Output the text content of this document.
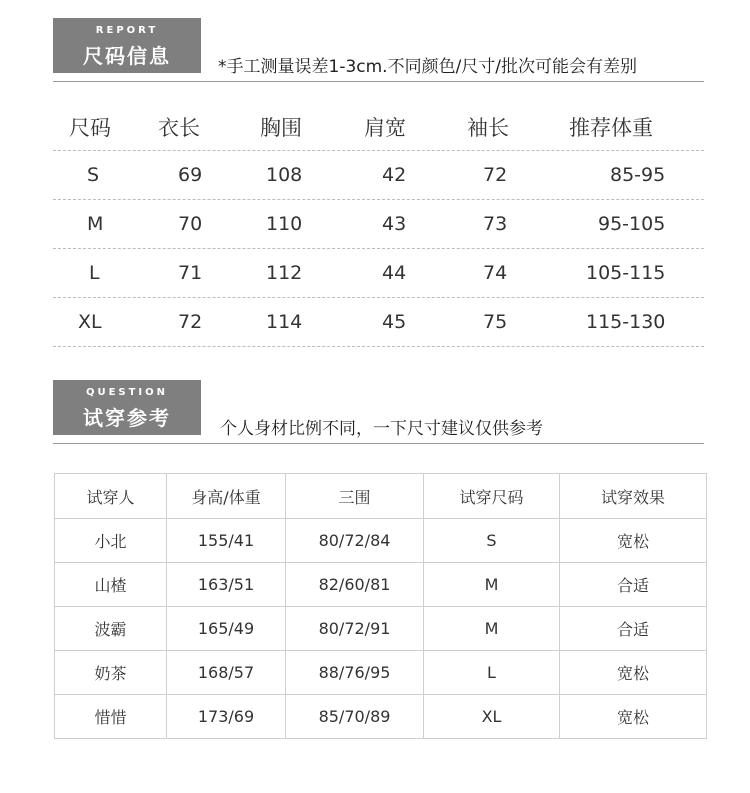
REPORT
尺码信息	*手工测量误差1-3cm.不同颜色/尺寸/批次可能会有差别
尺码 衣长	胸围	肩宽	袖长	推荐体重
S	69	108	42	72	85-95
M	70	110	43	73	95-105
L	71	112	44	74	105-115
XL	72	114	45	75	115-130
QUESTION
试穿参考	个人身材比例不同，一下尺寸建议仅供参考
试穿人	身高/体重	三围	试穿尺码	试穿效果
小北	155/41	80/72/84	S	宽松
山楂	163/51	82/60/81	M	合适
波霸	165/49	80/72/91	M	合适
奶茶	168/57	88/76/95	L	宽松
惜惜	173/69	85/70/89	XL	宽松
